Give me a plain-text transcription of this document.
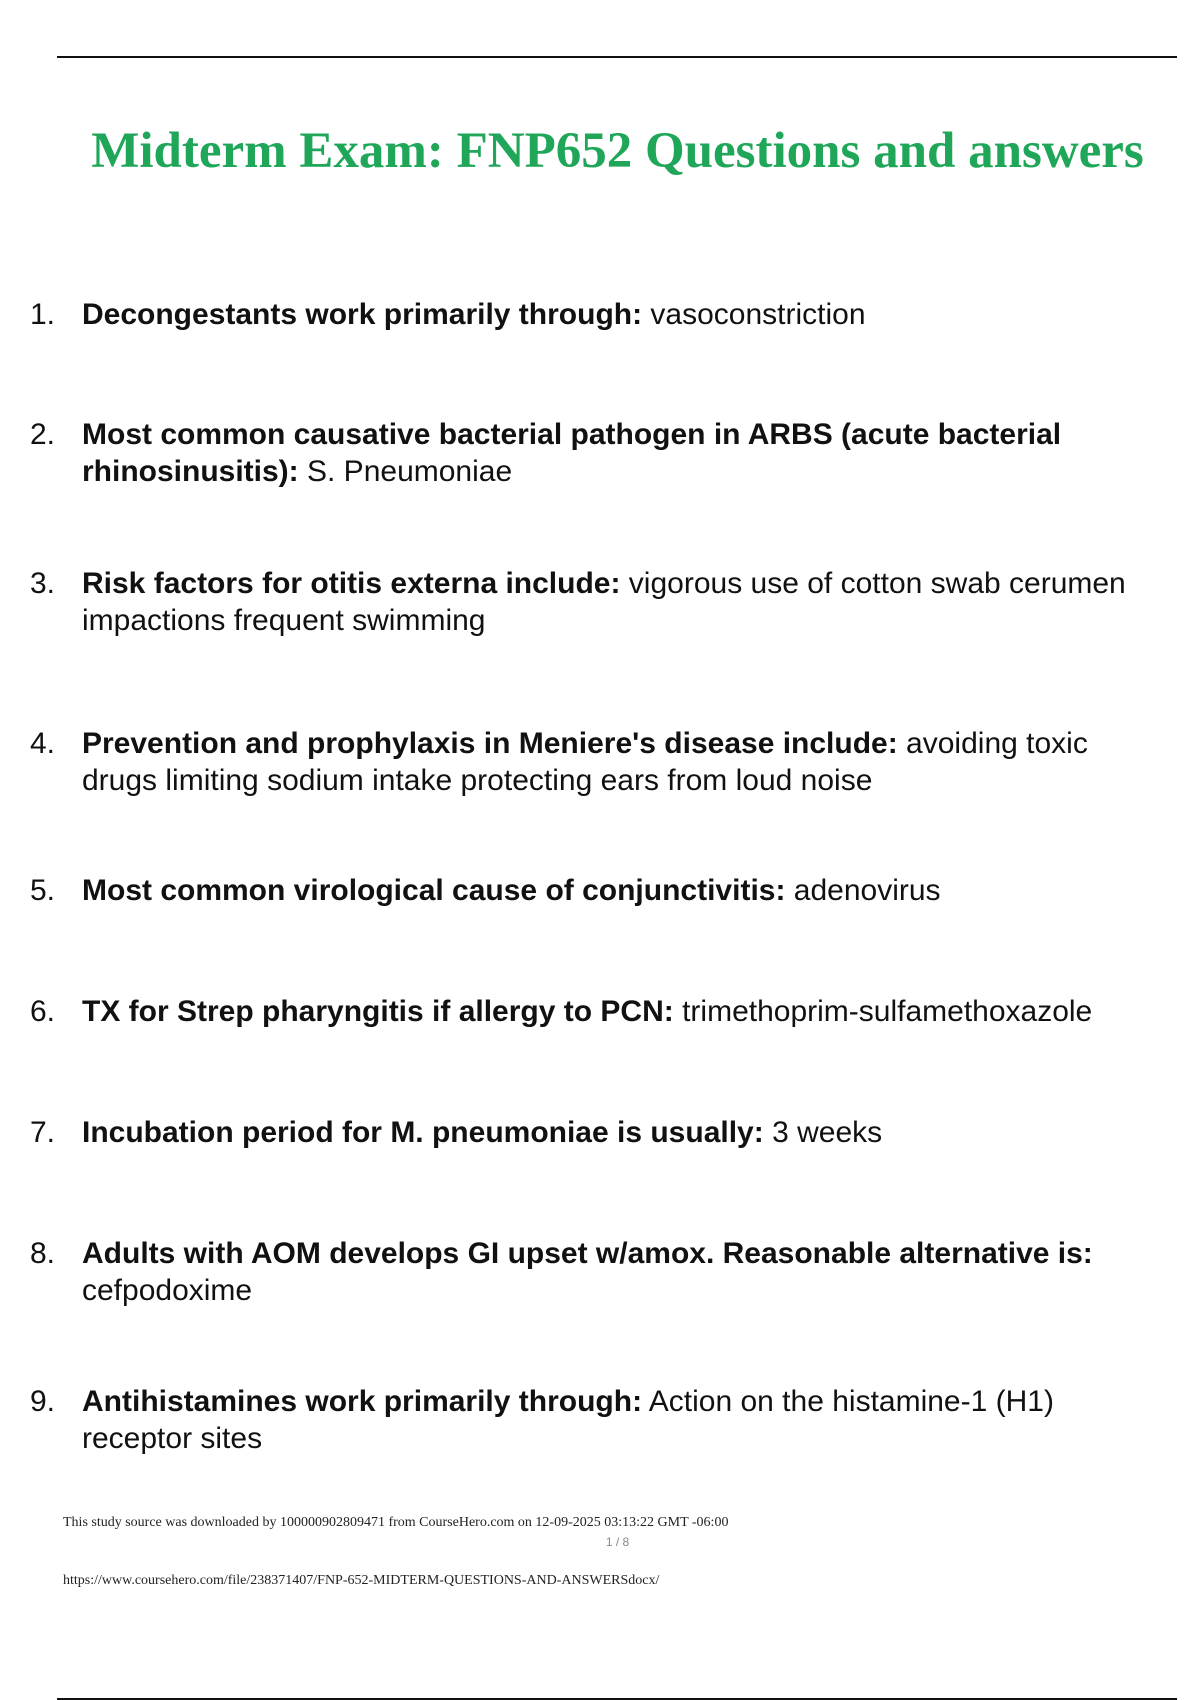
Midterm Exam: FNP652 Questions and answers
1. Decongestants work primarily through: vasoconstriction
2. Most common causative bacterial pathogen in ARBS (acute bacterial
rhinosinusitis): S. Pneumoniae
3. Risk factors for otitis externa include: vigorous use of cotton swab cerumen
impactions frequent swimming
4. Prevention and prophylaxis in Meniere's disease include: avoiding toxic
drugs limiting sodium intake protecting ears from loud noise
5. Most common virological cause of conjunctivitis: adenovirus
6. TX for Strep pharyngitis if allergy to PCN: trimethoprim-sulfamethoxazole
7. Incubation period for M. pneumoniae is usually: 3 weeks
8. Adults with AOM develops GI upset w/amox. Reasonable alternative is:
cefpodoxime
9. Antihistamines work primarily through: Action on the histamine-1 (H1)
receptor sites
This study source was downloaded by 100000902809471 from CourseHero.com on 12-09-2025 03:13:22 GMT -06:00
1 / 8
https://www.coursehero.com/file/238371407/FNP-652-MIDTERM-QUESTIONS-AND-ANSWERSdocx/
